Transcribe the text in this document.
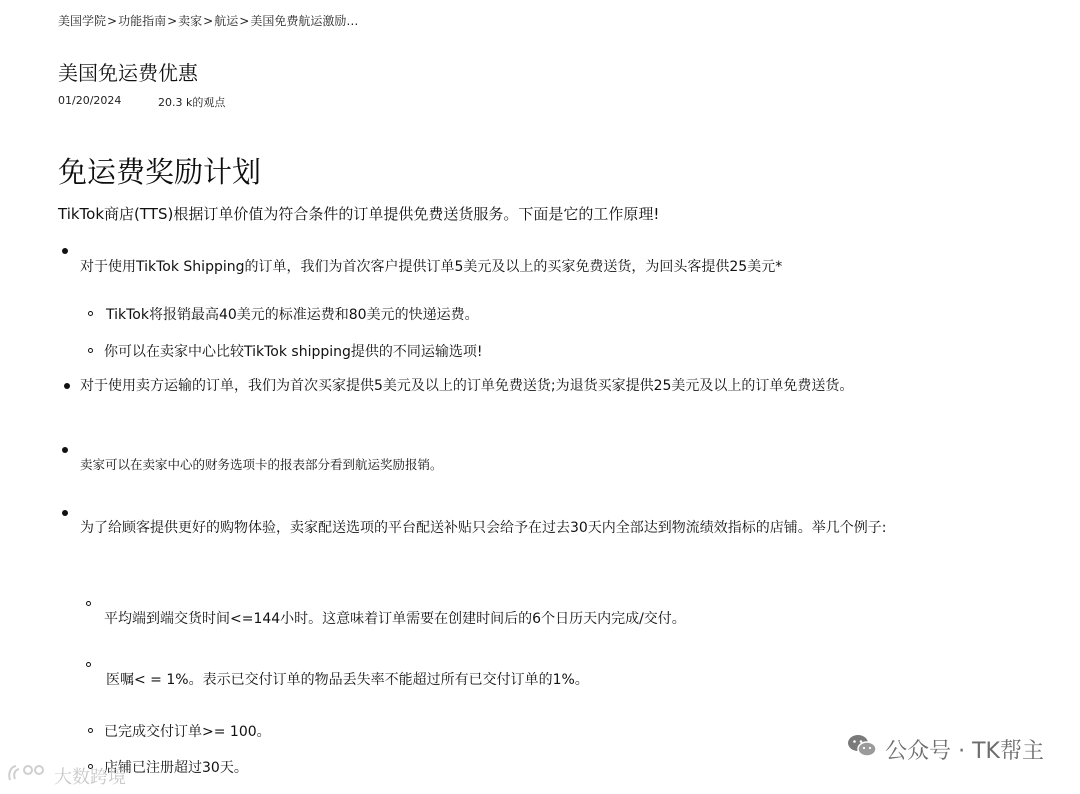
美国学院>功能指南>卖家>航运>美国免费航运激励…
美国免运费优惠
01/20/2024	20.3 k的观点
免运费奖励计划
TikTok商店(TTS)根据订单价值为符合条件的订单提供免费送货服务。下面是它的工作原理!
对于使用TikTok Shipping的订单，我们为首次客户提供订单5美元及以上的买家免费送货，为回头客提供25美元*
TikTok将报销最高40美元的标准运费和80美元的快递运费。
你可以在卖家中心比较TikTok shipping提供的不同运输选项!
对于使用卖方运输的订单，我们为首次买家提供5美元及以上的订单免费送货;为退货买家提供25美元及以上的订单免费送货。
卖家可以在卖家中心的财务选项卡的报表部分看到航运奖励报销。
为了给顾客提供更好的购物体验，卖家配送选项的平台配送补贴只会给予在过去30天内全部达到物流绩效指标的店铺。举几个例子:
平均端到端交货时间<=144小时。这意味着订单需要在创建时间后的6个日历天内完成/交付。
医嘱< = 1%。表示已交付订单的物品丢失率不能超过所有已交付订单的1%。
已完成交付订单>= 100。
店铺已注册超过30天。
公众号 · TK帮主
大数跨境
